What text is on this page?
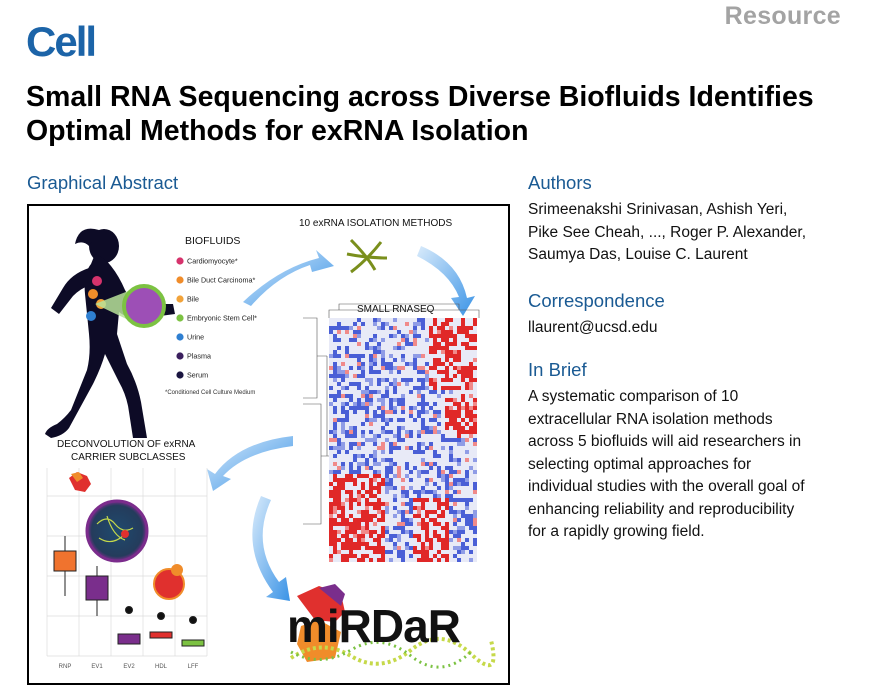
Resource
Cell
Small RNA Sequencing across Diverse Biofluids Identifies Optimal Methods for exRNA Isolation
Graphical Abstract
BIOFLUIDS
Cardiomyocyte*
Bile Duct Carcinoma*
Bile
Embryonic Stem Cell*
Urine
Plasma
Serum
*Conditioned Cell Culture Medium
10 exRNA ISOLATION METHODS
SMALL RNASEQ
DECONVOLUTION OF exRNA
CARRIER SUBCLASSES
RNP	EV1	EV2	HDL	LFF
miRDaR
Authors
Srimeenakshi Srinivasan, Ashish Yeri,
Pike See Cheah, ..., Roger P. Alexander,
Saumya Das, Louise C. Laurent
Correspondence
llaurent@ucsd.edu
In Brief
A systematic comparison of 10
extracellular RNA isolation methods
across 5 biofluids will aid researchers in
selecting optimal approaches for
individual studies with the overall goal of
enhancing reliability and reproducibility
for a rapidly growing field.
